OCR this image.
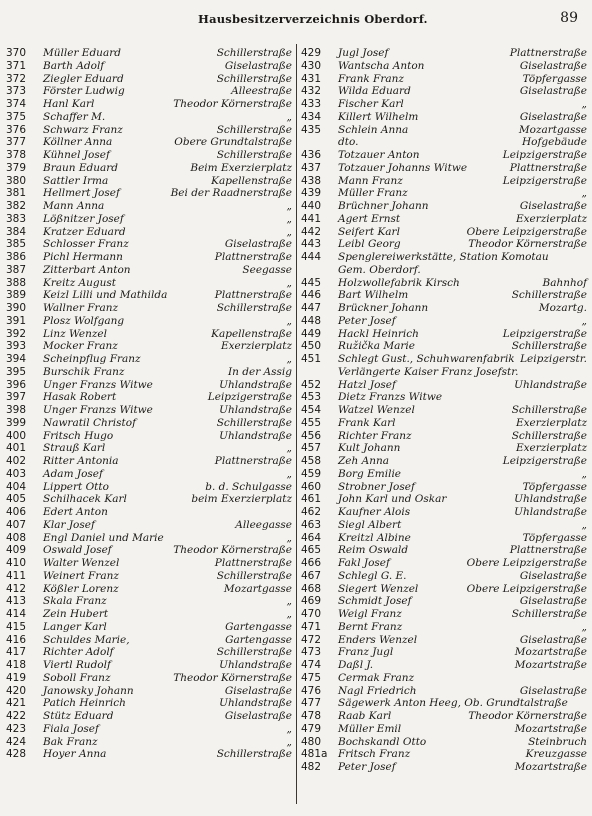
Hausbesitzerverzeichnis Oberdorf.	89
370	Müller Eduard	Schillerstraße
371	Barth Adolf	Giselastraße
372	Ziegler Eduard	Schillerstraße
373	Förster Ludwig	Alleestraße
374	Hanl Karl	Theodor Körnerstraße
375	Schaffer M.	„
376	Schwarz Franz	Schillerstraße
377	Köllner Anna	Obere Grundtalstraße
378	Kühnel Josef	Schillerstraße
379	Braun Eduard	Beim Exerzierplatz
380	Sattler Irma	Kapellenstraße
381	Hellmert Josef	Bei der Raadnerstraße
382	Mann Anna	„
383	Lößnitzer Josef	„
384	Kratzer Eduard	„
385	Schlosser Franz	Giselastraße
386	Pichl Hermann	Plattnerstraße
387	Zitterbart Anton	Seegasse
388	Kreitz August	„
389	Keizl Lilli und Mathilda	Plattnerstraße
390	Wallner Franz	Schillerstraße
391	Plosz Wolfgang	„
392	Linz Wenzel	Kapellenstraße
393	Mocker Franz	Exerzierplatz
394	Scheinpflug Franz	„
395	Burschik Franz	In der Assig
396	Unger Franzs Witwe	Uhlandstraße
397	Hasak Robert	Leipzigerstraße
398	Unger Franzs Witwe	Uhlandstraße
399	Nawratil Christof	Schillerstraße
400	Fritsch Hugo	Uhlandstraße
401	Strauß Karl	„
402	Ritter Antonia	Plattnerstraße
403	Adam Josef	„
404	Lippert Otto	b. d. Schulgasse
405	Schilhacek Karl	beim Exerzierplatz
406	Edert Anton
407	Klar Josef	Alleegasse
408	Engl Daniel und Marie	„
409	Oswald Josef	Theodor Körnerstraße
410	Walter Wenzel	Plattnerstraße
411	Weinert Franz	Schillerstraße
412	Kößler Lorenz	Mozartgasse
413	Skala Franz	„
414	Zein Hubert	„
415	Langer Karl	Gartengasse
416	Schuldes Marie,	Gartengasse
417	Richter Adolf	Schillerstraße
418	Viertl Rudolf	Uhlandstraße
419	Soboll Franz	Theodor Körnerstraße
420	Janowsky Johann	Giselastraße
421	Patich Heinrich	Uhlandstraße
422	Stütz Eduard	Giselastraße
423	Fiala Josef	„
424	Bak Franz	„
428	Hoyer Anna	Schillerstraße
429	Jugl Josef	Plattnerstraße
430	Wantscha Anton	Giselastraße
431	Frank Franz	Töpfergasse
432	Wilda Eduard	Giselastraße
433	Fischer Karl	„
434	Killert Wilhelm	Giselastraße
435	Schlein Anna	Mozartgasse
dto.	Hofgebäude
436	Totzauer Anton	Leipzigerstraße
437	Totzauer Johanns Witwe	Plattnerstraße
438	Mann Franz	Leipzigerstraße
439	Müller Franz	„
440	Brüchner Johann	Giselastraße
441	Agert Ernst	Exerzierplatz
442	Seifert Karl	Obere Leipzigerstraße
443	Leibl Georg	Theodor Körnerstraße
444	Spenglereiwerkstätte, Station Komotau
Gem. Oberdorf.
445	Holzwollefabrik Kirsch	Bahnhof
446	Bart Wilhelm	Schillerstraße
447	Brückner Johann	Mozartg.
448	Peter Josef	„
449	Hackl Heinrich	Leipzigerstraße
450	Ružička Marie	Schillerstraße
451	Schlegt Gust., Schuhwarenfabrik Leipzigerstr.
Verlängerte Kaiser Franz Josefstr.
452	Hatzl Josef	Uhlandstraße
453	Dietz Franzs Witwe
454	Watzel Wenzel	Schillerstraße
455	Frank Karl	Exerzierplatz
456	Richter Franz	Schillerstraße
457	Kult Johann	Exerzierplatz
458	Zeh Anna	Leipzigerstraße
459	Borg Emilie	„
460	Strobner Josef	Töpfergasse
461	John Karl und Oskar	Uhlandstraße
462	Kaufner Alois	Uhlandstraße
463	Siegl Albert	„
464	Kreitzl Albine	Töpfergasse
465	Reim Oswald	Plattnerstraße
466	Fakl Josef	Obere Leipzigerstraße
467	Schlegl G. E.	Giselastraße
468	Siegert Wenzel	Obere Leipzigerstraße
469	Schmidt Josef	Giselastraße
470	Weigl Franz	Schillerstraße
471	Bernt Franz	„
472	Enders Wenzel	Giselastraße
473	Franz Jugl	Mozartstraße
474	Daßl J.	Mozartstraße
475	Cermak Franz
476	Nagl Friedrich	Giselastraße
477	Sägewerk Anton Heeg, Ob. Grundtalstraße
478	Raab Karl	Theodor Körnerstraße
479	Müller Emil	Mozartstraße
480	Bochskandl Otto	Steinbruch
481a	Fritsch Franz	Kreuzgasse
482	Peter Josef	Mozartstraße
